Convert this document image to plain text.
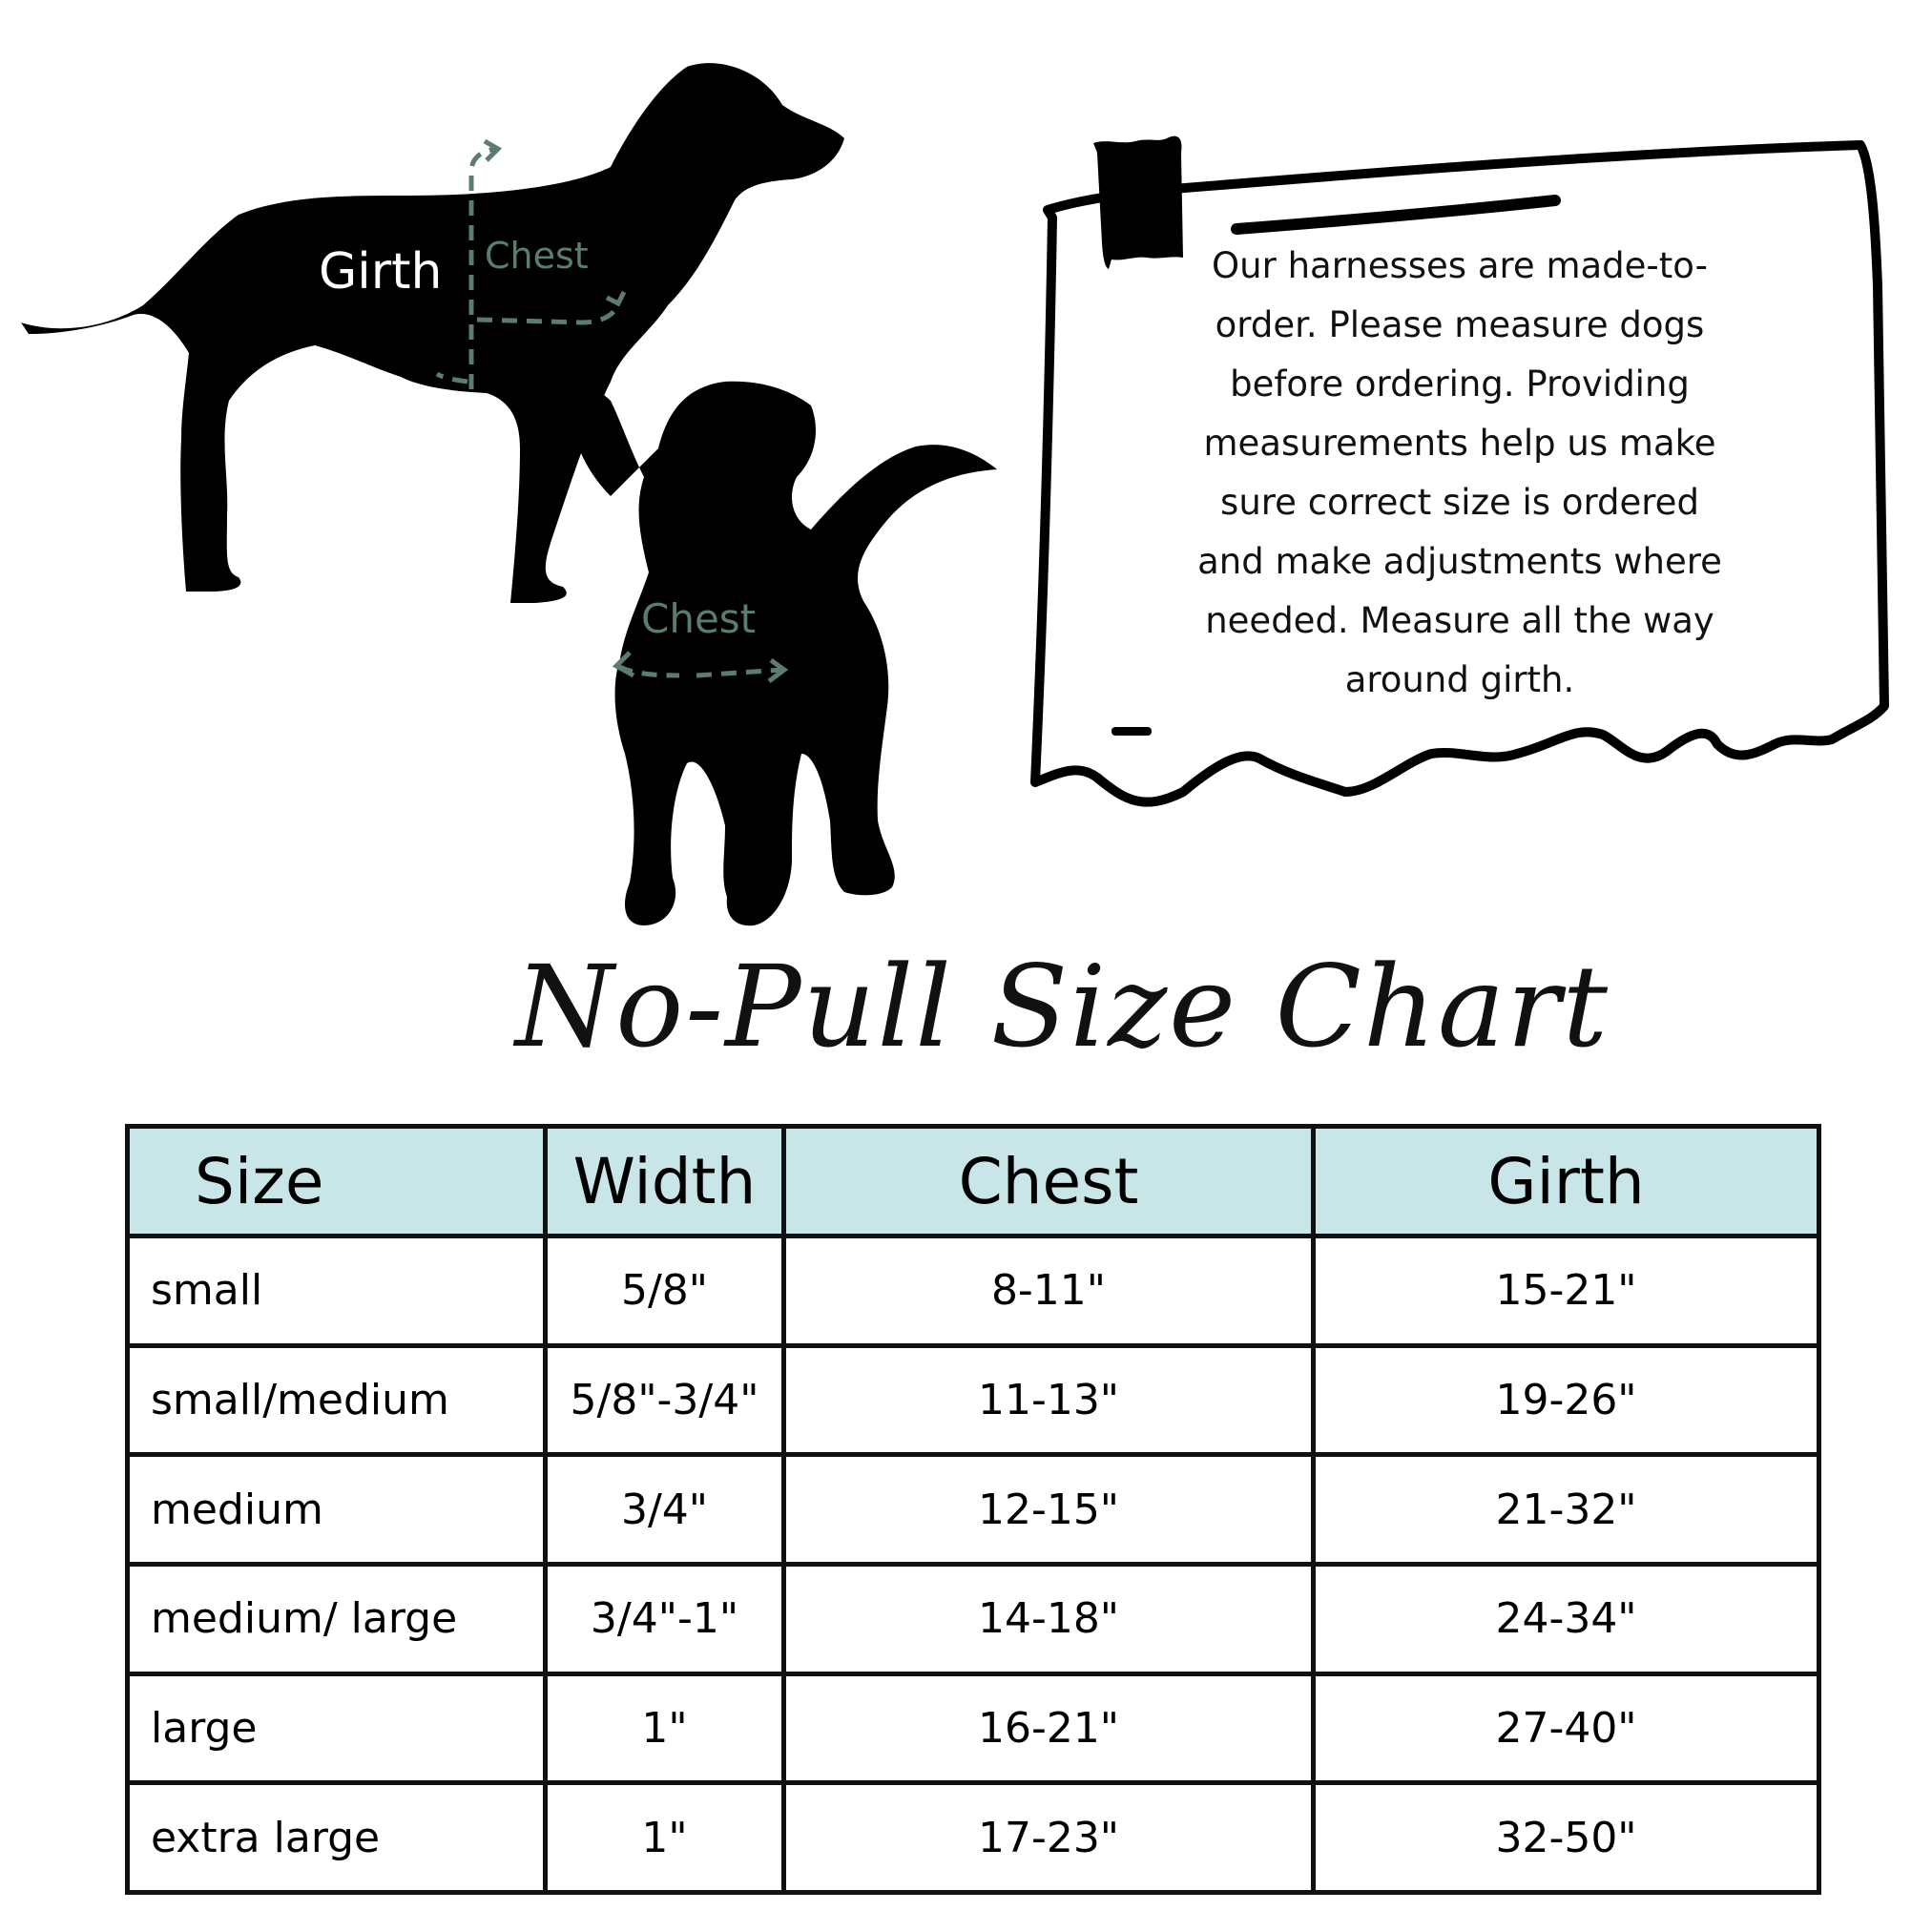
Girth Chest
Chest

Our harnesses are made-to-order. Please measure dogs before ordering. Providing measurements help us make sure correct size is ordered and make adjustments where needed. Measure all the way around girth.

No-Pull Size Chart
Size	Width	Chest	Girth
small	5/8"	8-11"	15-21"
small/medium	5/8"-3/4"	11-13"	19-26"
medium	3/4"	12-15"	21-32"
medium/ large	3/4"-1"	14-18"	24-34"
large	1"	16-21"	27-40"
extra large	1"	17-23"	32-50"
